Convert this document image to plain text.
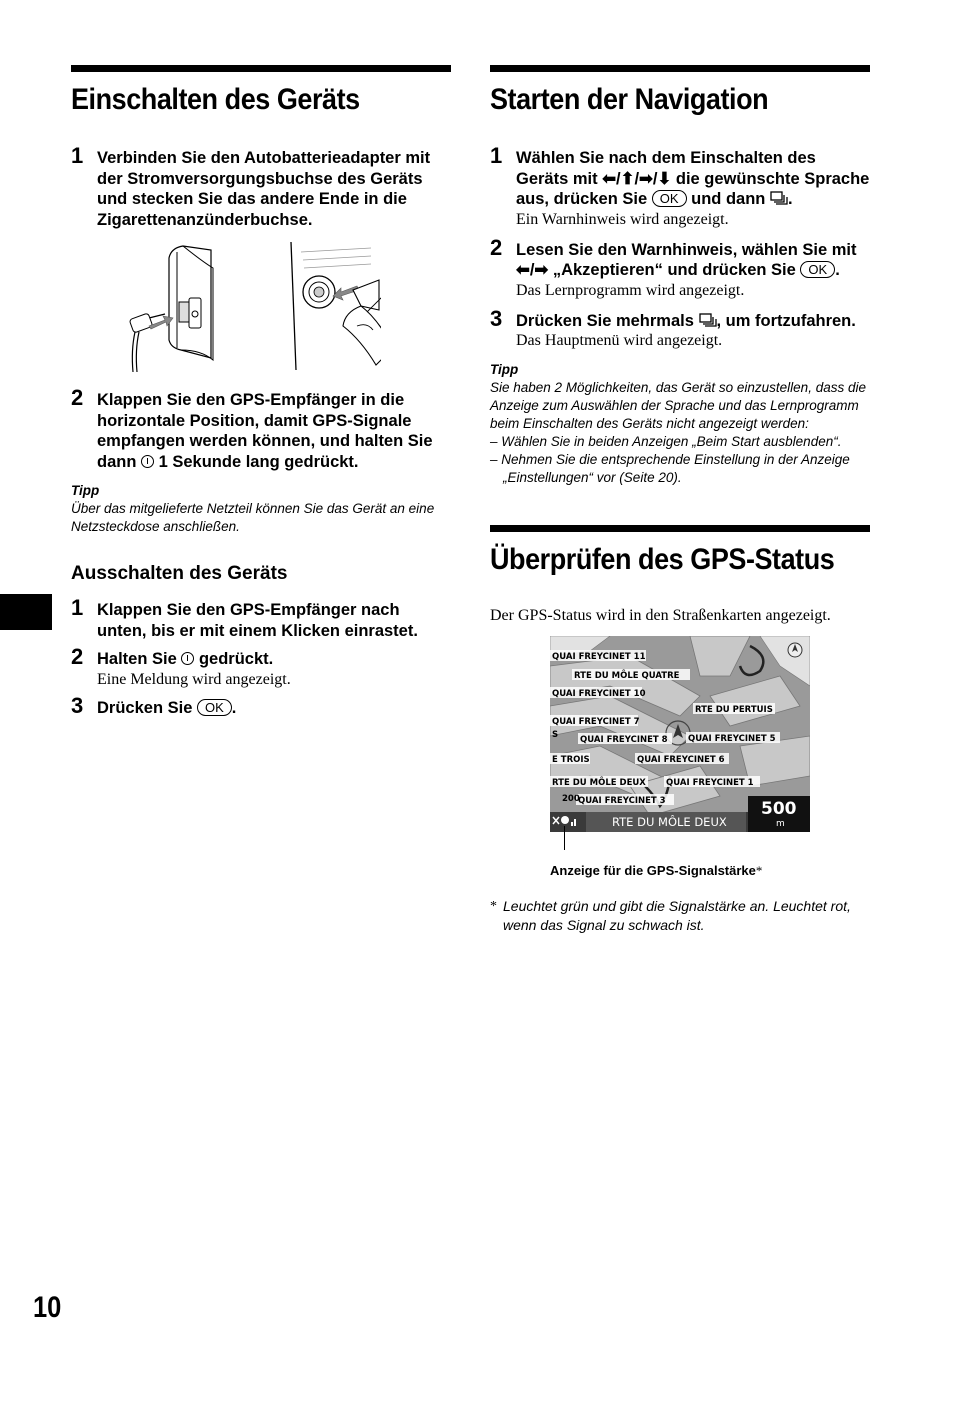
Einschalten des Geräts
1 Verbinden Sie den Autobatterieadapter mit der Stromversorgungsbuchse des Geräts und stecken Sie das andere Ende in die Zigarettenanzünderbuchse.
2 Klappen Sie den GPS-Empfänger in die horizontale Position, damit GPS-Signale empfangen werden können, und halten Sie dann 1 Sekunde lang gedrückt.
Tipp
Über das mitgelieferte Netzteil können Sie das Gerät an eine Netzsteckdose anschließen.
Ausschalten des Geräts
1 Klappen Sie den GPS-Empfänger nach unten, bis er mit einem Klicken einrastet.
2 Halten Sie gedrückt.
Eine Meldung wird angezeigt.
3 Drücken Sie OK .
Starten der Navigation
1 Wählen Sie nach dem Einschalten des Geräts mit ⬅/⬆/➡/⬇ die gewünschte Sprache aus, drücken Sie OK und dann .
Ein Warnhinweis wird angezeigt.
2 Lesen Sie den Warnhinweis, wählen Sie mit ⬅/➡ „Akzeptieren“ und drücken Sie OK .
Das Lernprogramm wird angezeigt.
3 Drücken Sie mehrmals , um fortzufahren.
Das Hauptmenü wird angezeigt.
Tipp
Sie haben 2 Möglichkeiten, das Gerät so einzustellen, dass die Anzeige zum Auswählen der Sprache und das Lernprogramm beim Einschalten des Geräts nicht angezeigt werden:
– Wählen Sie in beiden Anzeigen „Beim Start ausblenden“.
– Nehmen Sie die entsprechende Einstellung in der Anzeige „Einstellungen“ vor (Seite 20).
Überprüfen des GPS-Status
Der GPS-Status wird in den Straßenkarten angezeigt.
QUAI FREYCINET 11
RTE DU MÔLE QUATRE
QUAI FREYCINET 10
RTE DU PERTUIS
QUAI FREYCINET 7
S	QUAI FREYCINET 8 QUAI FREYCINET 5
E TROIS	QUAI FREYCINET 6
RTE DU MÔLE DEUX QUAI FREYCINET 1
QUAI FREYCINET 3
200
RTE DU MÔLE DEUX
500
m
Anzeige für die GPS-Signalstärke*
* Leuchtet grün und gibt die Signalstärke an. Leuchtet rot, wenn das Signal zu schwach ist.
10
